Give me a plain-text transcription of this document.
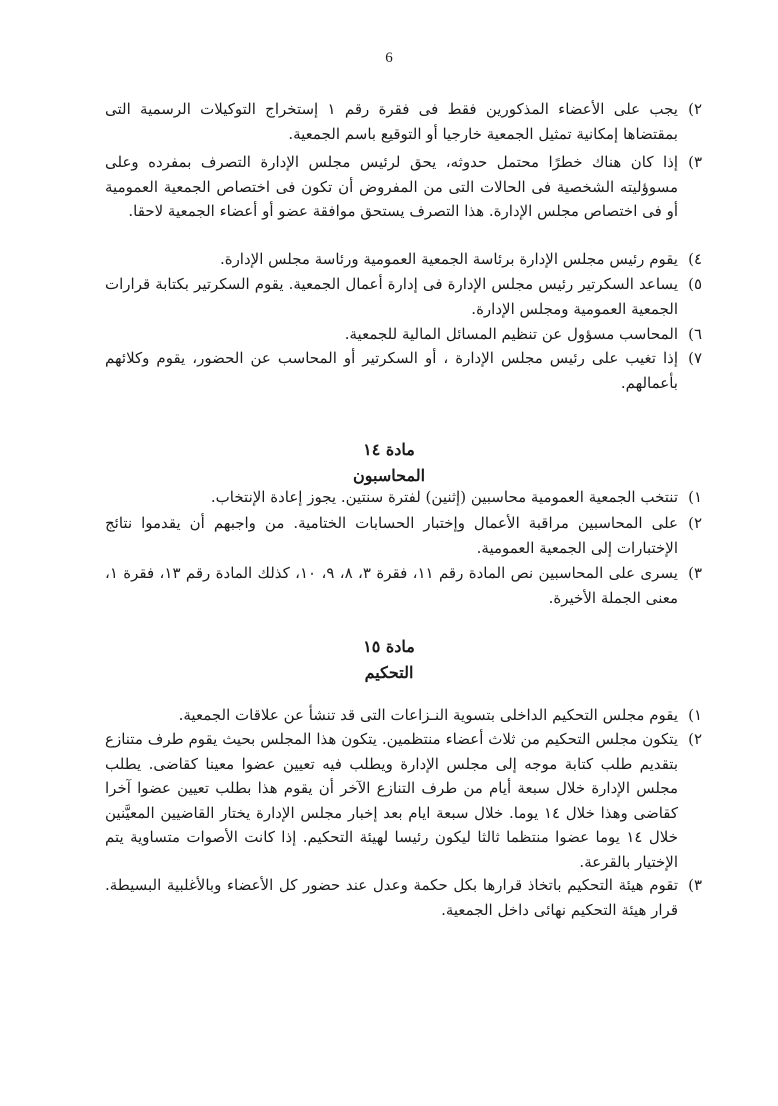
6
٢)
يجب على الأعضاء المذكورين فقط فى فقرة رقم ١ إستخراج التوكيلات الرسمية التى بمقتضاها إمكانية تمثيل الجمعية خارجيا أو التوقيع باسم الجمعية.
٣)
إذا كان هناك خطرًا محتمل حدوثه، يحق لرئيس مجلس الإدارة التصرف بمفرده وعلى مسوؤليته الشخصية فى الحالات التى من المفروض أن تكون فى اختصاص الجمعية العمومية أو فى اختصاص مجلس الإدارة. هذا التصرف يستحق موافقة عضو أو أعضاء الجمعية لاحقا.
٤)
يقوم رئيس مجلس الإدارة برئاسة الجمعية العمومية ورئاسة مجلس الإدارة.
٥)
يساعد السكرتير رئيس مجلس الإدارة فى إدارة أعمال الجمعية. يقوم السكرتير بكتابة قرارات الجمعية العمومية ومجلس الإدارة.
٦)
المحاسب مسؤول عن تنظيم المسائل المالية للجمعية.
٧)
إذا تغيب على رئيس مجلس الإدارة ، أو السكرتير أو المحاسب عن الحضور، يقوم وكلائهم بأعمالهم.
مادة ١٤
المحاسبون
١)
تنتخب الجمعية العمومية محاسبين (إثنين) لفترة سنتين. يجوز إعادة الإنتخاب.
٢)
على المحاسبين مراقبة الأعمال وإختبار الحسابات الختامية. من واجبهم أن يقدموا نتائج الإختبارات إلى الجمعية العمومية.
٣)
يسرى على المحاسبين نص المادة رقم ١١، فقرة ٣، ٨، ٩، ١٠، كذلك المادة رقم ١٣، فقرة ١، معنى الجملة الأخيرة.
مادة ١٥
التحكيم
١)
يقوم مجلس التحكيم الداخلى بتسوية النـزاعات التى قد تنشأ عن علاقات الجمعية.
٢)
يتكون مجلس التحكيم من ثلاث أعضاء منتظمين. يتكون هذا المجلس بحيث يقوم طرف متنازع بتقديم طلب كتابة موجه إلى مجلس الإدارة ويطلب فيه تعيين عضوا معينا كقاضى. يطلب مجلس الإدارة خلال سبعة أيام من طرف التنازع الآخر أن يقوم هذا بطلب تعيين عضوا آخرا كقاضى وهذا خلال ١٤ يوما. خلال سبعة ايام بعد إخبار مجلس الإدارة يختار القاضيين المعيَّنين خلال ١٤ يوما عضوا منتظما ثالثا ليكون رئيسا لهيئة التحكيم. إذا كانت الأصوات متساوية يتم الإختيار بالقرعة.
٣)
تقوم هيئة التحكيم باتخاذ قرارها بكل حكمة وعدل عند حضور كل الأعضاء وبالأغلبية البسيطة. قرار هيئة التحكيم نهائى داخل الجمعية.
